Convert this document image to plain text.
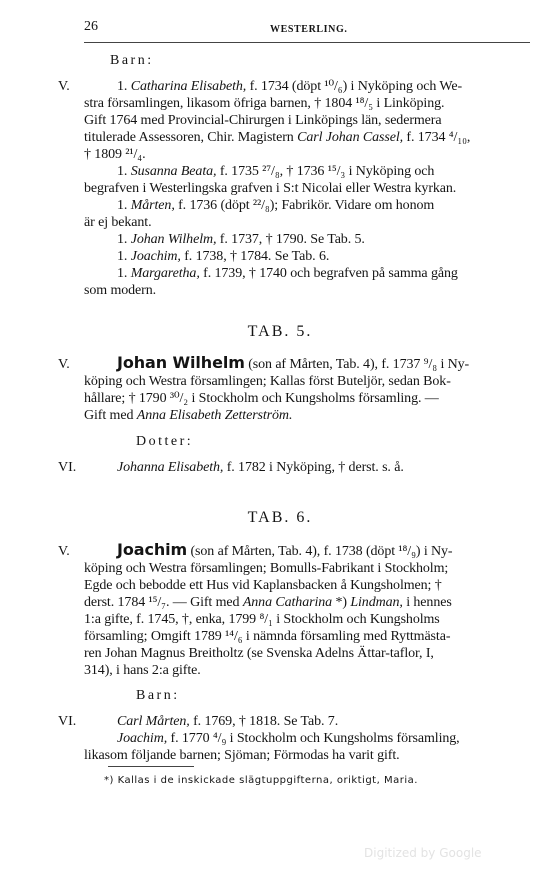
26	WESTERLING.
Barn:
V.	1. Catharina Elisabeth, f. 1734 (döpt ¹⁰/₆) i Nyköping och We-
stra församlingen, likasom öfriga barnen, † 1804 ¹⁸/₅ i Linköping.
Gift 1764 med Provincial-Chirurgen i Linköpings län, sedermera
titulerade Assessoren, Chir. Magistern Carl Johan Cassel, f. 1734 ⁴/₁₀,
† 1809 ²¹/₄.
1. Susanna Beata, f. 1735 ²⁷/₈, † 1736 ¹⁵/₃ i Nyköping och
begrafven i Westerlingska grafven i S:t Nicolai eller Westra kyrkan.
1. Mårten, f. 1736 (döpt ²²/₈); Fabrikör. Vidare om honom
är ej bekant.
1. Johan Wilhelm, f. 1737, † 1790. Se Tab. 5.
1. Joachim, f. 1738, † 1784. Se Tab. 6.
1. Margaretha, f. 1739, † 1740 och begrafven på samma gång
som modern.
TAB. 5.
V.	Johan Wilhelm (son af Mårten, Tab. 4), f. 1737 ⁹/₈ i Ny-
köping och Westra församlingen; Kallas först Buteljör, sedan Bok-
hållare; † 1790 ³⁰/₂ i Stockholm och Kungsholms församling. —
Gift med Anna Elisabeth Zetterström.
Dotter:
VI.	Johanna Elisabeth, f. 1782 i Nyköping, † derst. s. å.
TAB. 6.
V.	Joachim (son af Mårten, Tab. 4), f. 1738 (döpt ¹⁸/₉) i Ny-
köping och Westra församlingen; Bomulls-Fabrikant i Stockholm;
Egde och bebodde ett Hus vid Kaplansbacken å Kungsholmen; †
derst. 1784 ¹⁵/₇. — Gift med Anna Catharina *) Lindman, i hennes
1:a gifte, f. 1745, †, enka, 1799 ⁸/₁ i Stockholm och Kungsholms
församling; Omgift 1789 ¹⁴/₆ i nämnda församling med Ryttmästa-
ren Johan Magnus Breitholtz (se Svenska Adelns Ättar-taflor, I,
314), i hans 2:a gifte.
Barn:
VI.	Carl Mårten, f. 1769, † 1818. Se Tab. 7.
Joachim, f. 1770 ⁴/₉ i Stockholm och Kungsholms församling,
likasom följande barnen; Sjöman; Förmodas ha varit gift.
*) Kallas i de inskickade slägtuppgifterna, oriktigt, Maria.
Digitized by Google
